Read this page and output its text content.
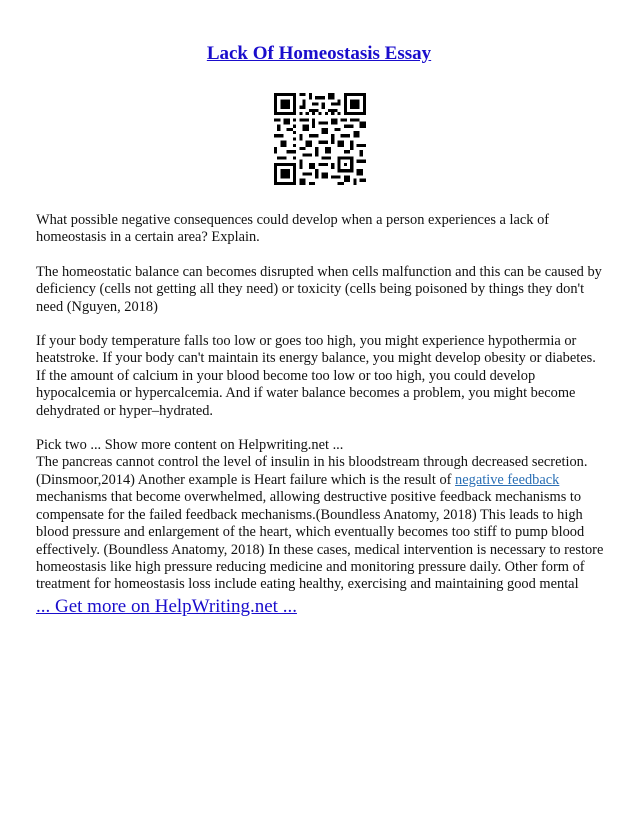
Lack Of Homeostasis Essay

What possible negative consequences could develop when a person experiences a lack of homeostasis in a certain area? Explain.

The homeostatic balance can becomes disrupted when cells malfunction and this can be caused by deficiency (cells not getting all they need) or toxicity (cells being poisoned by things they don't need (Nguyen, 2018)

If your body temperature falls too low or goes too high, you might experience hypothermia or heatstroke. If your body can't maintain its energy balance, you might develop obesity or diabetes. If the amount of calcium in your blood become too low or too high, you could develop hypocalcemia or hypercalcemia. And if water balance becomes a problem, you might become dehydrated or hyper–hydrated.

Pick two ... Show more content on Helpwriting.net ...

The pancreas cannot control the level of insulin in his bloodstream through decreased secretion. (Dinsmoor,2014) Another example is Heart failure which is the result of negative feedback mechanisms that become overwhelmed, allowing destructive positive feedback mechanisms to compensate for the failed feedback mechanisms.(Boundless Anatomy, 2018) This leads to high blood pressure and enlargement of the heart, which eventually becomes too stiff to pump blood effectively. (Boundless Anatomy, 2018) In these cases, medical intervention is necessary to restore homeostasis like high pressure reducing medicine and monitoring pressure daily. Other form of treatment for homeostasis loss include eating healthy, exercising and maintaining good mental

... Get more on HelpWriting.net ...
